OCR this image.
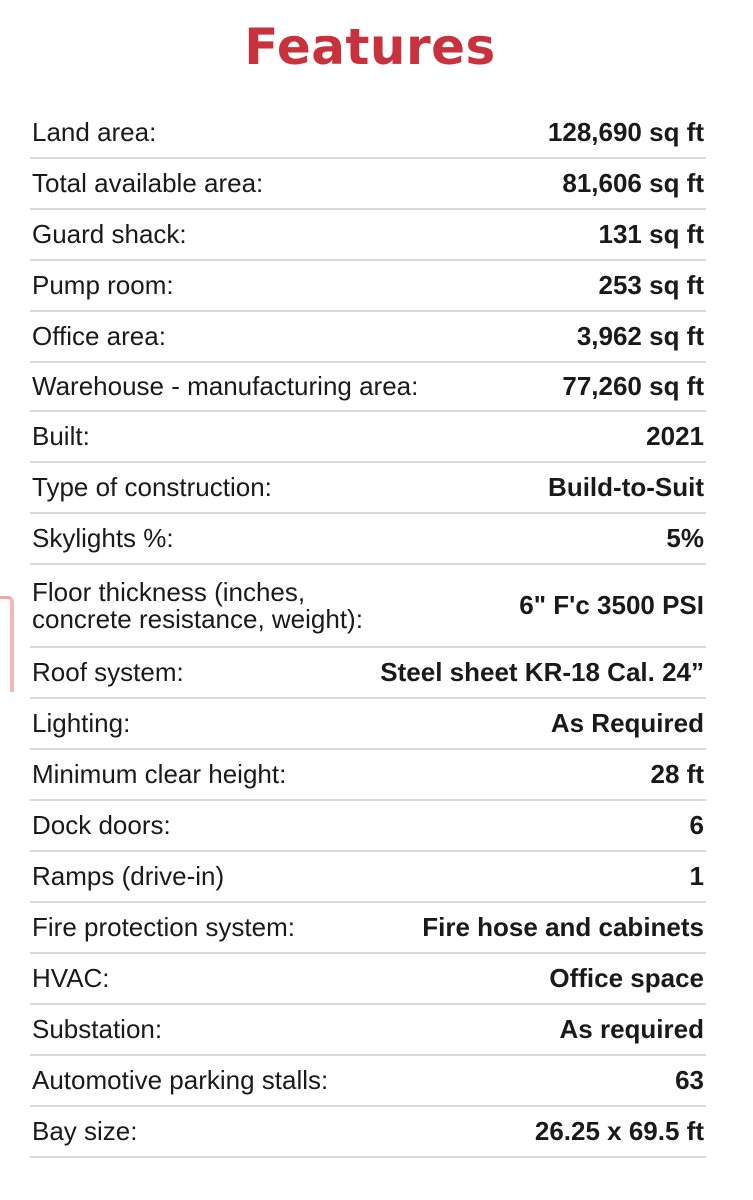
Features
Land area:	128,690 sq ft
Total available area:	81,606 sq ft
Guard shack:	131 sq ft
Pump room:	253 sq ft
Office area:	3,962 sq ft
Warehouse - manufacturing area:	77,260 sq ft
Built:	2021
Type of construction:	Build-to-Suit
Skylights %:	5%
Floor thickness (inches,
concrete resistance, weight):	6" F'c 3500 PSI
Roof system:	Steel sheet KR-18 Cal. 24”
Lighting:	As Required
Minimum clear height:	28 ft
Dock doors:	6
Ramps (drive-in)	1
Fire protection system:	Fire hose and cabinets
HVAC:	Office space
Substation:	As required
Automotive parking stalls:	63
Bay size:	26.25 x 69.5 ft
